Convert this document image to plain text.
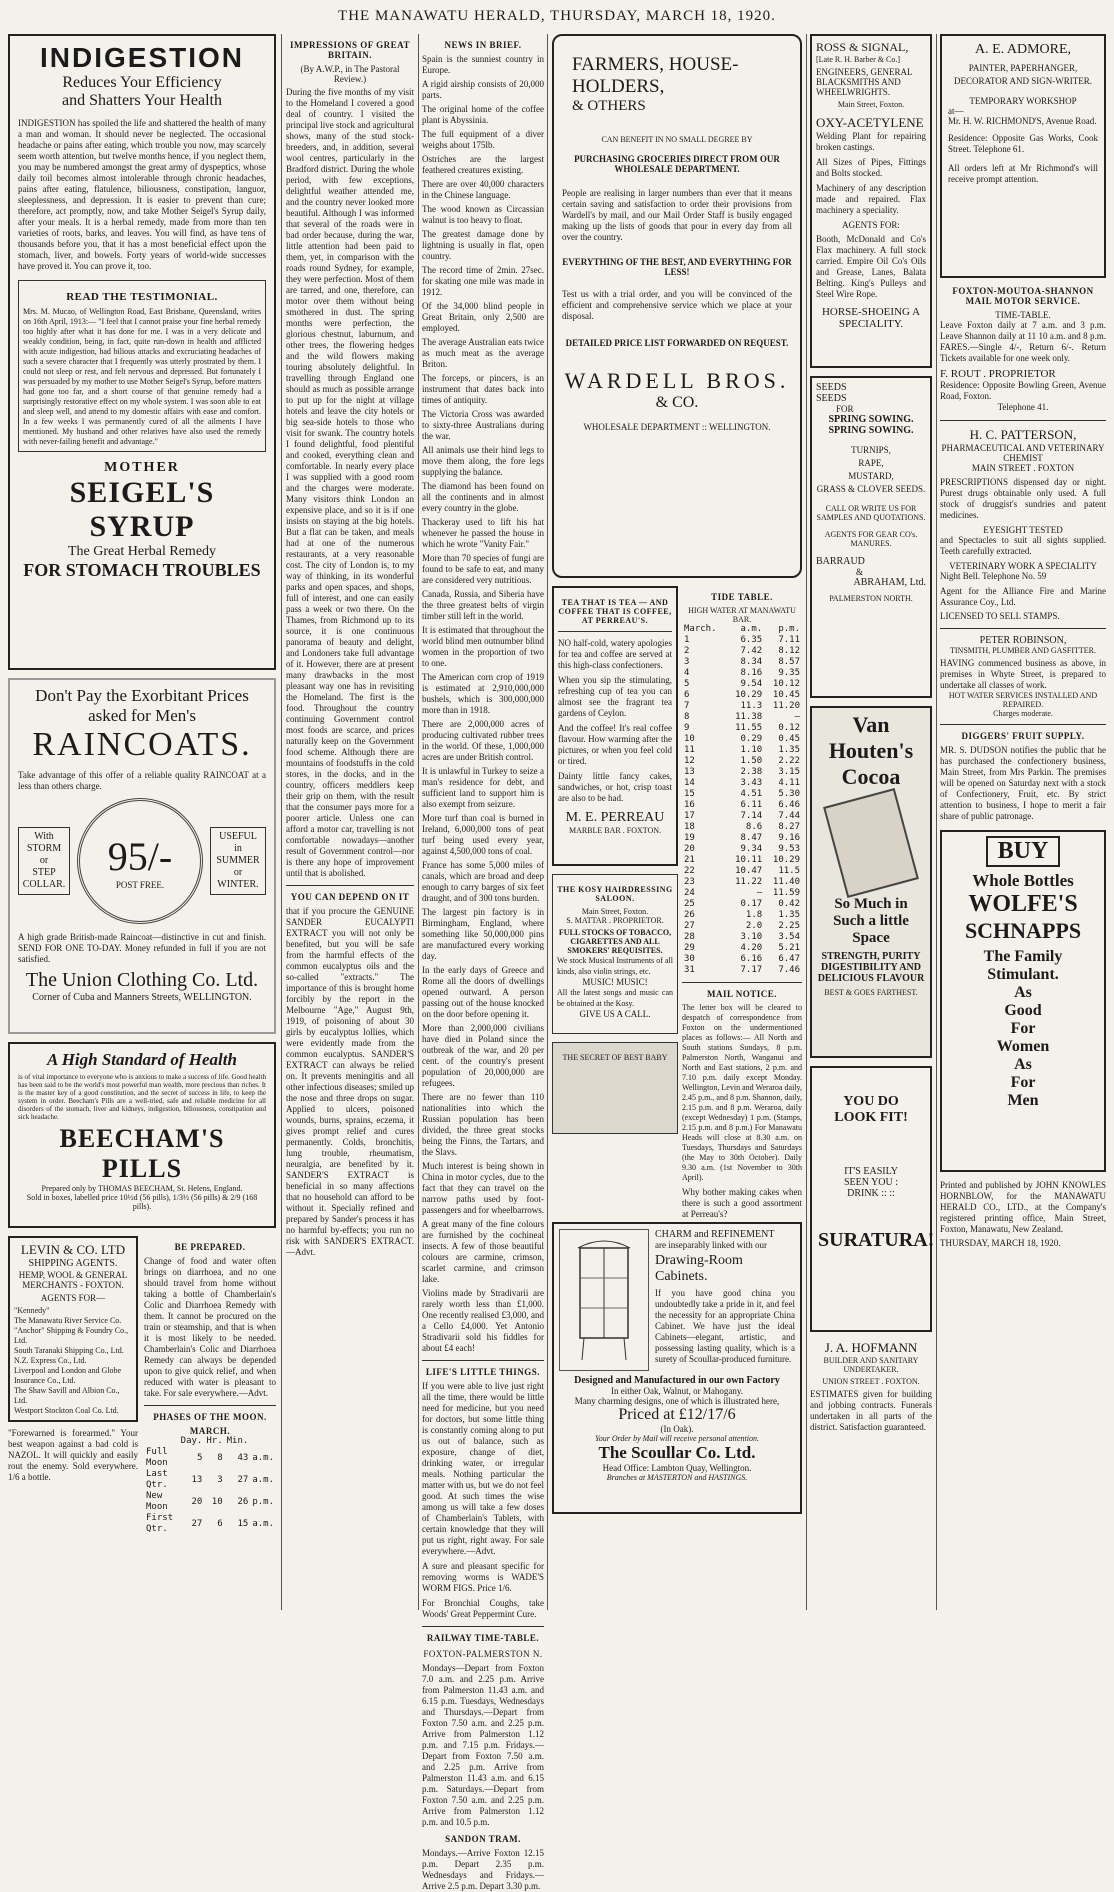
THE MANAWATU HERALD, THURSDAY, MARCH 18, 1920.
INDIGESTION
Reduces Your Efficiency
and Shatters Your Health
INDIGESTION has spoiled the life and shattered the health of many a man and woman. It should never be neglected. The occasional headache or pains after eating, which trouble you now, may scarcely seem worth attention, but twelve months hence, if you neglect them, you may be numbered amongst the great army of dyspeptics, whose daily toil becomes almost intolerable through chronic headaches, pains after eating, flatulence, biliousness, constipation, languor, sleeplessness, and depression. It is easier to prevent than cure; therefore, act promptly, now, and take Mother Seigel's Syrup daily, after your meals. It is a herbal remedy, made from more than ten varieties of roots, barks, and leaves. You will find, as have tens of thousands before you, that it has a most beneficial effect upon the stomach, liver, and bowels. Forty years of world-wide successes have proved it. You can prove it, too.
READ THE TESTIMONIAL.
Mrs. M. Mucao, of Wellington Road, East Brisbane, Queensland, writes on 16th April, 1913:— "I feel that I cannot praise your fine herbal remedy too highly after what it has done for me. I was in a very delicate and weakly condition, being, in fact, quite run-down in health and afflicted with acute indigestion, had bilious attacks and excruciating headaches of such a severe character that I frequently was utterly prostrated by them. I could not sleep or rest, and felt nervous and depressed. But fortunately I was persuaded by my mother to use Mother Seigel's Syrup, before matters had gone too far, and a short course of that genuine remedy had a surprisingly restorative effect on my whole system. I was soon able to eat and sleep well, and attend to my domestic affairs with ease and comfort. In a few weeks I was permanently cured of all the ailments I have mentioned. My husband and other relatives have also used the remedy with never-failing benefit and advantage."
MOTHER
SEIGEL'S SYRUP
The Great Herbal Remedy
FOR STOMACH TROUBLES
Don't Pay the Exorbitant Prices
asked for Men's
RAINCOATS.
Take advantage of this offer of a reliable quality RAINCOAT at a less than others charge.
With
STORM
or
STEP
COLLAR.
95/-
POST FREE.
USEFUL
in
SUMMER
or
WINTER.
A high grade British-made Raincoat—distinctive in cut and finish. SEND FOR ONE TO-DAY. Money refunded in full if you are not satisfied.
The Union Clothing Co. Ltd.
Corner of Cuba and Manners Streets, WELLINGTON.
A High Standard of Health
is of vital importance to everyone who is anxious to make a success of life. Good health has been said to be the world's most powerful man wealth, more precious than riches. It is the master key of a good constitution, and the secret of success in life, to keep the system in order. Beecham's Pills are a well-tried, safe and reliable medicine for all disorders of the stomach, liver and kidneys, indigestion, biliousness, constipation and sick headache.
BEECHAM'S PILLS
Prepared only by THOMAS BEECHAM, St. Helens, England.
Sold in boxes, labelled price 10½d (56 pills), 1/3½ (56 pills) & 2/9 (168 pills).
LEVIN & CO. LTD
SHIPPING AGENTS.
HEMP, WOOL & GENERAL MERCHANTS - FOXTON.
AGENTS FOR—
"Kennedy"
The Manawatu River Service Co.
"Anchor" Shipping & Foundry Co., Ltd.
South Taranaki Shipping Co., Ltd.
N.Z. Express Co., Ltd.
Liverpool and London and Globe Insurance Co., Ltd.
The Shaw Savill and Albion Co., Ltd.
Westport Stockton Coal Co. Ltd.
"Forewarned is forearmed." Your best weapon against a bad cold is NAZOL. It will quickly and easily rout the enemy. Sold everywhere. 1/6 a bottle.
BE PREPARED.
Change of food and water often brings on diarrhoea, and no one should travel from home without taking a bottle of Chamberlain's Colic and Diarrhoea Remedy with them. It cannot be procured on the train or steamship, and that is when it is most likely to be needed. Chamberlain's Colic and Diarrhoea Remedy can always be depended upon to give quick relief, and when reduced with water is pleasant to take. For sale everywhere.—Advt.
PHASES OF THE MOON.
MARCH.
	Day.	Hr.	Min.	
Full Moon	5	8	43	a.m.
Last Qtr.	13	3	27	a.m.
New Moon	20	10	26	p.m.
First Qtr.	27	6	15	a.m.
IMPRESSIONS OF GREAT BRITAIN.
(By A.W.P., in The Pastoral Review.)
During the five months of my visit to the Homeland I covered a good deal of country. I visited the principal live stock and agricultural shows, many of the stud stock-breeders, and, in addition, several wool centres, particularly in the Bradford district. During the whole period, with few exceptions, delightful weather attended me, and the country never looked more beautiful. Although I was informed that several of the roads were in bad order because, during the war, little attention had been paid to them, yet, in comparison with the roads round Sydney, for example, they were perfection. Most of them are tarred, and one, therefore, can motor over them without being smothered in dust. The spring months were perfection, the glorious chestnut, laburnum, and other trees, the flowering hedges and the wild flowers making touring absolutely delightful. In travelling through England one should as much as possible arrange to put up for the night at village hotels and leave the city hotels or big sea-side hotels to those who visit for swank. The country hotels I found delightful, food plentiful and cooked, everything clean and comfortable. In nearly every place I was supplied with a good room and the charges were moderate. Many visitors think London an expensive place, and so it is if one insists on staying at the big hotels. But a flat can be taken, and meals had at one of the numerous restaurants, at a very reasonable cost. The city of London is, to my way of thinking, in its wonderful parks and open spaces, and shops, full of interest, and one can easily pass a week or two there. On the Thames, from Richmond up to its source, it is one continuous panorama of beauty and delight, and Londoners take full advantage of it. However, there are at present many drawbacks in the most pleasant way one has in revisiting the Homeland. The first is the food. Throughout the country continuing Government control most foods are scarce, and prices naturally keep on the Government food scheme. Although there are mountains of foodstuffs in the cold stores, in the docks, and in the country, officers meddlers keep their grip on them, with the result that the consumer pays more for a poorer article. Unless one can afford a motor car, travelling is not comfortable nowadays—another result of Government control—nor is there any hope of improvement until that is abolished.
YOU CAN DEPEND ON IT
that if you procure the GENUINE SANDER EUCALYPTI EXTRACT you will not only be benefited, but you will be safe from the harmful effects of the common eucalyptus oils and the so-called "extracts." The importance of this is brought home forcibly by the report in the Melbourne "Age," August 9th, 1919, of poisoning of about 30 girls by eucalyptus lollies, which were evidently made from the common eucalyptus. SANDER'S EXTRACT can always be relied on. It prevents meningitis and all other infectious diseases; smiled up the nose and three drops on sugar. Applied to ulcers, poisoned wounds, burns, sprains, eczema, it gives prompt relief and cures permanently. Colds, bronchitis, lung trouble, rheumatism, neuralgia, are benefited by it. SANDER'S EXTRACT is beneficial in so many affections that no household can afford to be without it. Specially refined and prepared by Sander's process it has no harmful by-effects; you run no risk with SANDER'S EXTRACT.—Advt.
NEWS IN BRIEF.
Spain is the sunniest country in Europe.
A rigid airship consists of 20,000 parts.
The original home of the coffee plant is Abyssinia.
The full equipment of a diver weighs about 175lb.
Ostriches are the largest feathered creatures existing.
There are over 40,000 characters in the Chinese language.
The wood known as Circassian walnut is too heavy to float.
The greatest damage done by lightning is usually in flat, open country.
The record time of 2min. 27sec. for skating one mile was made in 1912.
Of the 34,000 blind people in Great Britain, only 2,500 are employed.
The average Australian eats twice as much meat as the average Briton.
The forceps, or pincers, is an instrument that dates back into times of antiquity.
The Victoria Cross was awarded to sixty-three Australians during the war.
All animals use their hind legs to move them along, the fore legs supplying the balance.
The diamond has been found on all the continents and in almost every country in the globe.
Thackeray used to lift his hat whenever he passed the house in which he wrote "Vanity Fair."
More than 70 species of fungi are found to be safe to eat, and many are considered very nutritious.
Canada, Russia, and Siberia have the three greatest belts of virgin timber still left in the world.
It is estimated that throughout the world blind men outnumber blind women in the proportion of two to one.
The American corn crop of 1919 is estimated at 2,910,000,000 bushels, which is 300,000,000 more than in 1918.
There are 2,000,000 acres of producing cultivated rubber trees in the world. Of these, 1,000,000 acres are under British control.
It is unlawful in Turkey to seize a man's residence for debt, and sufficient land to support him is also exempt from seizure.
More turf than coal is burned in Ireland, 6,000,000 tons of peat turf being used every year, against 4,500,000 tons of coal.
France has some 5,000 miles of canals, which are broad and deep enough to carry barges of six feet draught, and of 300 tons burden.
The largest pin factory is in Birmingham, England, where something like 50,000,000 pins are manufactured every working day.
In the early days of Greece and Rome all the doors of dwellings opened outward. A person passing out of the house knocked on the door before opening it.
More than 2,000,000 civilians have died in Poland since the outbreak of the war, and 20 per cent. of the country's present population of 20,000,000 are refugees.
There are no fewer than 110 nationalities into which the Russian population has been divided, the three great stocks being the Finns, the Tartars, and the Slavs.
Much interest is being shown in China in motor cycles, due to the fact that they can travel on the narrow paths used by foot-passengers and for wheelbarrows.
A great many of the fine colours are furnished by the cochineal insects. A few of those beautiful colours are carmine, crimson, scarlet carmine, and crimson lake.
Violins made by Stradivarii are rarely worth less than £1,000. One recently realised £3,000, and a Cello £4,000. Yet Antonio Stradivarii sold his fiddles for about £4 each!
LIFE'S LITTLE THINGS.
If you were able to live just right all the time, there would be little need for medicine, but you need for doctors, but some little thing is constantly coming along to put us out of balance, such as exposure, change of diet, drinking water, or irregular meals. Nothing particular the matter with us, but we do not feel good. At such times the wise among us will take a few doses of Chamberlain's Tablets, with certain knowledge that they will put us right, right away. For sale everywhere.—Advt.
A sure and pleasant specific for removing worms is WADE'S WORM FIGS. Price 1/6.
For Bronchial Coughs, take Woods' Great Peppermint Cure.
RAILWAY TIME-TABLE.
FOXTON-PALMERSTON N.
Mondays—Depart from Foxton 7.0 a.m. and 2.25 p.m. Arrive from Palmerston 11.43 a.m. and 6.15 p.m. Tuesdays, Wednesdays and Thursdays.—Depart from Foxton 7.50 a.m. and 2.25 p.m. Arrive from Palmerston 1.12 p.m. and 7.15 p.m. Fridays.—Depart from Foxton 7.50 a.m. and 2.25 p.m. Arrive from Palmerston 11.43 a.m. and 6.15 p.m. Saturdays.—Depart from Foxton 7.50 a.m. and 2.25 p.m. Arrive from Palmerston 1.12 p.m. and 10.5 p.m.
SANDON TRAM.
Mondays.—Arrive Foxton 12.15 p.m. Depart 2.35 p.m. Wednesdays and Fridays.—Arrive 2.5 p.m. Depart 3.30 p.m.
FARMERS, HOUSE-
HOLDERS,
& OTHERS
CAN BENEFIT IN NO SMALL DEGREE BY
PURCHASING GROCERIES DIRECT FROM OUR WHOLESALE DEPARTMENT.
People are realising in larger numbers than ever that it means certain saving and satisfaction to order their provisions from Wardell's by mail, and our Mail Order Staff is busily engaged making up the lists of goods that pour in every day from all over the country.
EVERYTHING OF THE BEST, AND EVERYTHING FOR LESS!
Test us with a trial order, and you will be convinced of the efficient and comprehensive service which we place at your disposal.
DETAILED PRICE LIST FORWARDED ON REQUEST.
WARDELL BROS.
& CO.
WHOLESALE DEPARTMENT :: WELLINGTON.
TEA THAT IS TEA — AND COFFEE THAT IS COFFEE, AT PERREAU'S.
NO half-cold, watery apologies for tea and coffee are served at this high-class confectioners.
When you sip the stimulating, refreshing cup of tea you can almost see the fragrant tea gardens of Ceylon.
And the coffee! It's real coffee flavour. How warming after the pictures, or when you feel cold or tired.
Dainty little fancy cakes, sandwiches, or hot, crisp toast are also to be had.
M. E. PERREAU
MARBLE BAR . FOXTON.
THE KOSY HAIRDRESSING SALOON.
Main Street, Foxton.
S. MATTAR . PROPRIETOR.
FULL STOCKS OF TOBACCO, CIGARETTES AND ALL SMOKERS' REQUISITES.
We stock Musical Instruments of all kinds, also violin strings, etc.
MUSIC! MUSIC!
All the latest songs and music can be obtained at the Kosy.
GIVE US A CALL.
THE SECRET OF BEST BABY
TIDE TABLE.
HIGH WATER AT MANAWATU BAR.
March.	a.m.	p.m.
1	6.35	7.11
2	7.42	8.12
3	8.34	8.57
4	8.16	9.35
5	9.54	10.12
6	10.29	10.45
7	11.3	11.20
8	11.38	—
9	11.55	0.12
10	0.29	0.45
11	1.10	1.35
12	1.50	2.22
13	2.38	3.15
14	3.43	4.11
15	4.51	5.30
16	6.11	6.46
17	7.14	7.44
18	8.6	8.27
19	8.47	9.16
20	9.34	9.53
21	10.11	10.29
22	10.47	11.5
23	11.22	11.40
24	—	11.59
25	0.17	0.42
26	1.8	1.35
27	2.0	2.25
28	3.10	3.54
29	4.20	5.21
30	6.16	6.47
31	7.17	7.46
MAIL NOTICE.
The letter box will be cleared to despatch of correspondence from Foxton on the undermentioned places as follows:— All North and South stations Sundays, 8 p.m. Palmerston North, Wanganui and North and East stations, 2 p.m. and 7.10 p.m. daily except Monday. Wellington, Levin and Weraroa daily, 2.45 p.m., and 8 p.m. Shannon, daily, 2.15 p.m. and 8 p.m. Weraroa, daily (except Wednesday) 1 p.m. (Stamps, 2.15 p.m. and 8 p.m.) For Manawatu Heads will close at 8.30 a.m. on Tuesdays, Thursdays and Saturdays (the May to 30th October). Daily 9.30 a.m. (1st November to 30th April).
Why bother making cakes when there is such a good assortment at Perreau's?
CHARM and REFINEMENT
are inseparably linked with our
Drawing-Room Cabinets.
If you have good china you undoubtedly take a pride in it, and feel the necessity for an appropriate China Cabinet. We have just the ideal Cabinets—elegant, artistic, and possessing lasting quality, which is a surety of Scoullar-produced furniture.
Designed and Manufactured in our own Factory
In either Oak, Walnut, or Mahogany.
Many charming designs, one of which is illustrated here,
Priced at £12/17/6
(In Oak).
Your Order by Mail will receive personal attention.
The Scoullar Co. Ltd.
Head Office: Lambton Quay, Wellington.
Branches at MASTERTON and HASTINGS.
ROSS & SIGNAL,
[Late R. H. Barber & Co.]
ENGINEERS, GENERAL BLACKSMITHS AND WHEELWRIGHTS.
Main Street, Foxton.
OXY-ACETYLENE
Welding Plant for repairing broken castings.
All Sizes of Pipes, Fittings and Bolts stocked.
Machinery of any description made and repaired. Flax machinery a speciality.
AGENTS FOR:
Booth, McDonald and Co's Flax machinery. A full stock carried. Empire Oil Co's Oils and Grease, Lanes, Balata Belting. King's Pulleys and Steel Wire Rope.
HORSE-SHOEING A SPECIALITY.
SEEDS
SEEDS
FOR
SPRING SOWING.
SPRING SOWING.
TURNIPS,
RAPE,
MUSTARD,
GRASS & CLOVER SEEDS.
CALL OR WRITE US FOR SAMPLES AND QUOTATIONS.
AGENTS FOR GEAR CO's. MANURES.
BARRAUD
&
ABRAHAM, Ltd.
PALMERSTON NORTH.
Van
Houten's
Cocoa
So Much in
Such a little
Space
STRENGTH, PURITY DIGESTIBILITY AND DELICIOUS FLAVOUR
BEST & GOES FARTHEST.
YOU DO
LOOK FIT!
IT'S EASILY
SEEN YOU :
DRINK :: ::
SURATURA!
J. A. HOFMANN
BUILDER AND SANITARY UNDERTAKER.
UNION STREET . FOXTON.
ESTIMATES given for building and jobbing contracts. Funerals undertaken in all parts of the district. Satisfaction guaranteed.
A. E. ADMORE,
PAINTER, PAPERHANGER, DECORATOR AND SIGN-WRITER.
TEMPORARY WORKSHOP
at—
Mr. H. W. RICHMOND'S, Avenue Road.
Residence: Opposite Gas Works, Cook Street. Telephone 61.
All orders left at Mr Richmond's will receive prompt attention.
FOXTON-MOUTOA-SHANNON MAIL MOTOR SERVICE.
TIME-TABLE.
Leave Foxton daily at 7 a.m. and 3 p.m. Leave Shannon daily at 11 10 a.m. and 8 p.m. FARES.—Single 4/-, Return 6/-. Return Tickets available for one week only.
F. ROUT . PROPRIETOR
Residence: Opposite Bowling Green, Avenue Road, Foxton.
Telephone 41.
H. C. PATTERSON,
PHARMACEUTICAL AND VETERINARY CHEMIST
MAIN STREET . FOXTON
PRESCRIPTIONS dispensed day or night. Purest drugs obtainable only used. A full stock of druggist's sundries and patent medicines.
EYESIGHT TESTED
and Spectacles to suit all sights supplied. Teeth carefully extracted.
VETERINARY WORK A SPECIALITY
Night Bell. Telephone No. 59
Agent for the Alliance Fire and Marine Assurance Coy., Ltd.
LICENSED TO SELL STAMPS.
PETER ROBINSON,
TINSMITH, PLUMBER AND GASFITTER.
HAVING commenced business as above, in premises in Whyte Street, is prepared to undertake all classes of work.
HOT WATER SERVICES INSTALLED AND REPAIRED.
Charges moderate.
DIGGERS' FRUIT SUPPLY.
MR. S. DUDSON notifies the public that he has purchased the confectionery business, Main Street, from Mrs Parkin. The premises will be opened on Saturday next with a stock of Confectionery, Fruit, etc. By strict attention to business, I hope to merit a fair share of public patronage.
BUY
Whole Bottles
WOLFE'S
SCHNAPPS
The Family
Stimulant.
As
Good
For
Women
As
For
Men
Printed and published by JOHN KNOWLES HORNBLOW, for the MANAWATU HERALD CO., LTD., at the Company's registered printing office, Main Street, Foxton, Manawatu, New Zealand.
THURSDAY, MARCH 18, 1920.
